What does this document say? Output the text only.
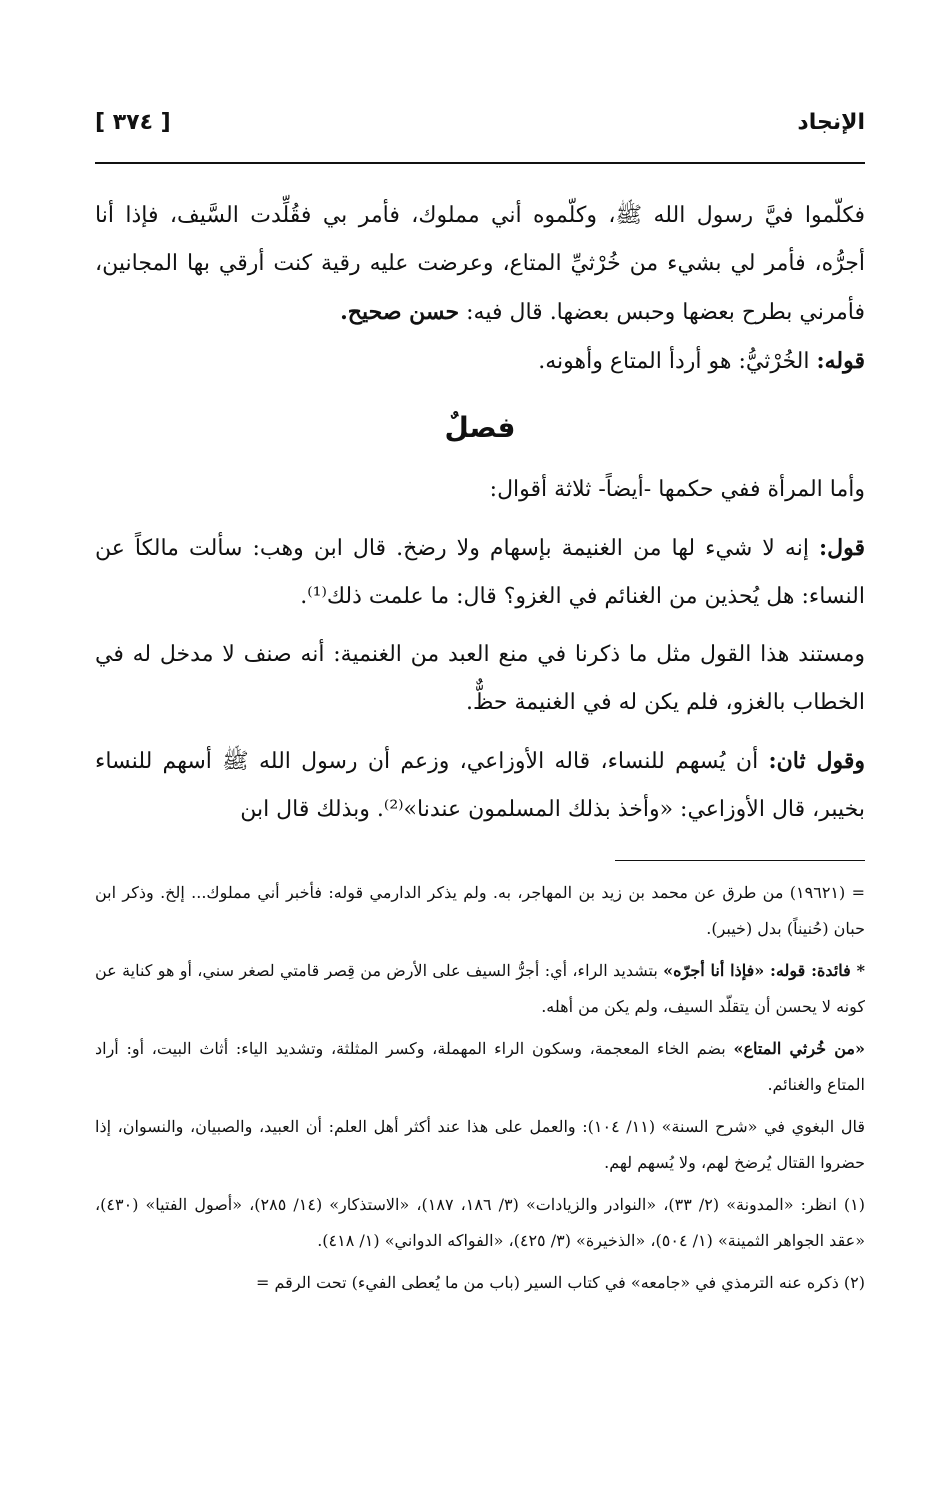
الإنجاد
[ ٣٧٤ ]

فكلّموا فيَّ رسول الله ﷺ، وكلّموه أني مملوك، فأمر بي فقُلِّدت السَّيف، فإذا أنا أجرُّه، فأمر لي بشيء من خُرْثيِّ المتاع، وعرضت عليه رقية كنت أرقي بها المجانين، فأمرني بطرح بعضها وحبس بعضها. قال فيه: حسن صحيح.

قوله: الخُرْثيُّ: هو أردأ المتاع وأهونه.

فصلٌ

وأما المرأة ففي حكمها -أيضاً- ثلاثة أقوال:

قول: إنه لا شيء لها من الغنيمة بإسهام ولا رضخ. قال ابن وهب: سألت مالكاً عن النساء: هل يُحذين من الغنائم في الغزو؟ قال: ما علمت ذلك⁽¹⁾.

ومستند هذا القول مثل ما ذكرنا في منع العبد من الغنمية: أنه صنف لا مدخل له في الخطاب بالغزو، فلم يكن له في الغنيمة حظٌّ.

وقول ثان: أن يُسهم للنساء، قاله الأوزاعي، وزعم أن رسول الله ﷺ أسهم للنساء بخيبر، قال الأوزاعي: «وأخذ بذلك المسلمون عندنا»⁽²⁾. وبذلك قال ابن

= (١٩٦٢١) من طرق عن محمد بن زيد بن المهاجر، به. ولم يذكر الدارمي قوله: فأخبر أني مملوك... إلخ. وذكر ابن حبان (حُنيناً) بدل (خيبر).

* فائدة: قوله: «فإذا أنا أجرّه» بتشديد الراء، أي: أجرُّ السيف على الأرض من قِصر قامتي لصغر سني، أو هو كناية عن كونه لا يحسن أن يتقلّد السيف، ولم يكن من أهله.

«من خُرثي المتاع» بضم الخاء المعجمة، وسكون الراء المهملة، وكسر المثلثة، وتشديد الياء: أثاث البيت، أو: أراد المتاع والغنائم.

قال البغوي في «شرح السنة» (١١/ ١٠٤): والعمل على هذا عند أكثر أهل العلم: أن العبيد، والصبيان، والنسوان، إذا حضروا القتال يُرضخ لهم، ولا يُسهم لهم.

(١) انظر: «المدونة» (٢/ ٣٣)، «النوادر والزيادات» (٣/ ١٨٦، ١٨٧)، «الاستذكار» (١٤/ ٢٨٥)، «أصول الفتيا» (٤٣٠)، «عقد الجواهر الثمينة» (١/ ٥٠٤)، «الذخيرة» (٣/ ٤٢٥)، «الفواكه الدواني» (١/ ٤١٨).

(٢) ذكره عنه الترمذي في «جامعه» في كتاب السير (باب من ما يُعطى الفيء) تحت الرقم =
